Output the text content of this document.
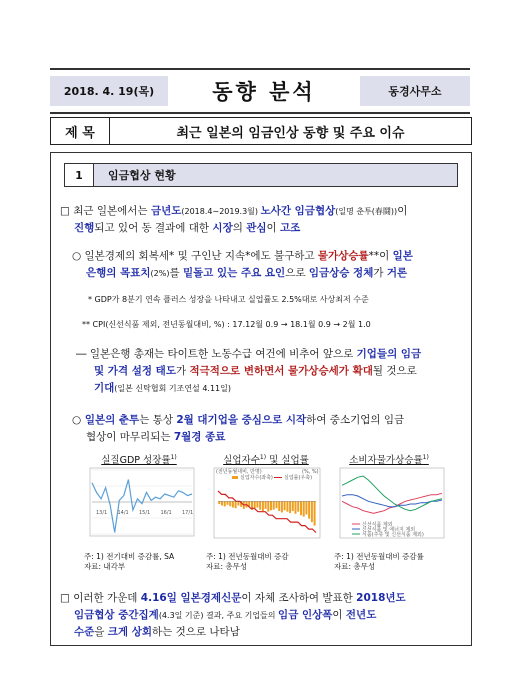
2018. 4. 19(목)	동향 분석	동경사무소
제 목	최근 일본의 임금인상 동향 및 주요 이슈
1	임금협상 현황
□ 최근 일본에서는 금년도(2018.4∼2019.3월) 노사간 임금협상(일명 춘투(春鬪))이
진행되고 있어 동 결과에 대한 시장의 관심이 고조
○ 일본경제의 회복세* 및 구인난 지속*에도 불구하고 물가상승률**이 일본
은행의 목표치(2%)를 밑돌고 있는 주요 요인으로 임금상승 정체가 거론
* GDP가 8분기 연속 플러스 성장을 나타내고 실업률도 2.5%대로 사상최저 수준
** CPI(신선식품 제외, 전년동월대비, %) : 17.12월 0.9 → 18.1월 0.9 → 2월 1.0
― 일본은행 총재는 타이트한 노동수급 여건에 비추어 앞으로 기업들의 임금
및 가격 설정 태도가 적극적으로 변하면서 물가상승세가 확대될 것으로
기대(일본 신탁협회 기조연설 4.11일)
○ 일본의 춘투는 통상 2월 대기업을 중심으로 시작하여 중소기업의 임금
협상이 마무리되는 7월경 종료
실질GDP 성장률$^{1)}$	실업자수$^{1)}$ 및 실업률	소비자물가상승률$^{1)}$
13/1 14/1 15/1 16/1 17/1
(전년동월대비, 만명)	(%, %)
실업자수(좌축) 실업률(우축)
신선식품 제외
신선식품 및 에너지 제외
식품(주류 및 신선식품 제외)
주: 1) 전기대비 증감률, SA
자료: 내각부
주: 1) 전년동월대비 증감
자료: 총무성
주: 1) 전년동월대비 증감률
자료: 총무성
□ 이러한 가운데 4.16일 일본경제신문이 자체 조사하여 발표한 2018년도
임금협상 중간집계(4.3일 기준) 결과, 주요 기업들의 임금 인상폭이 전년도
수준을 크게 상회하는 것으로 나타남
